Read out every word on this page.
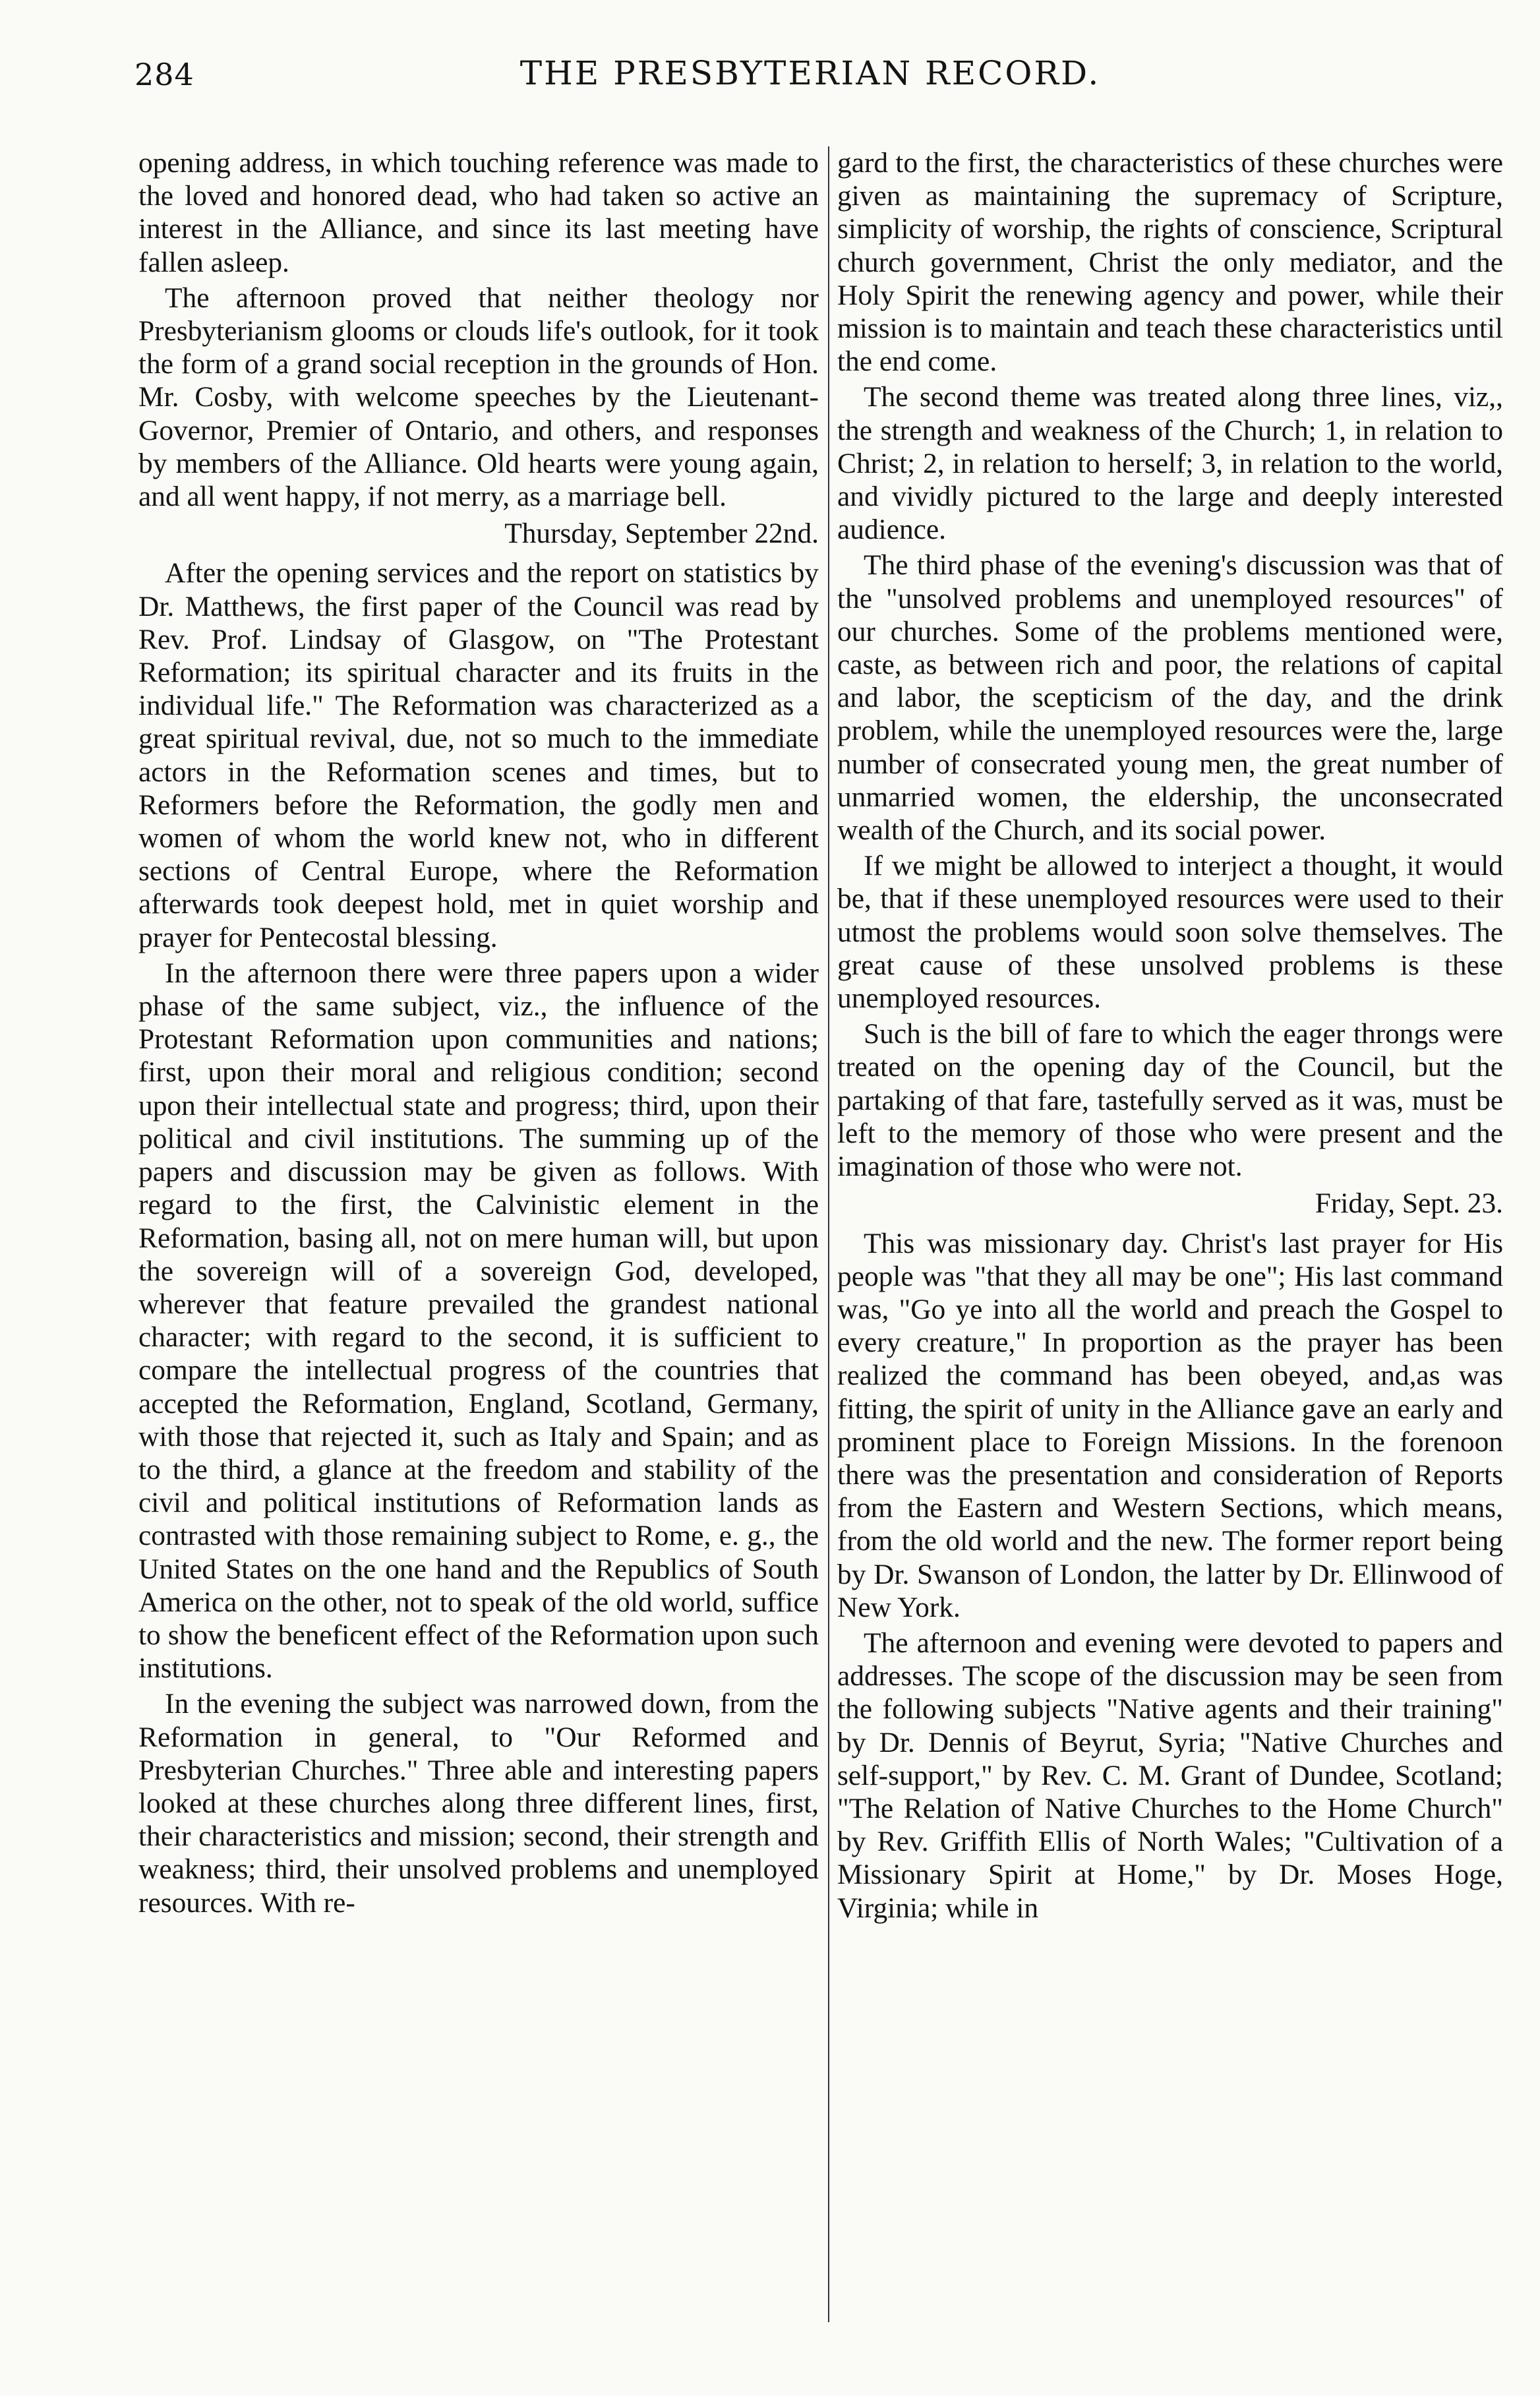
284	THE PRESBYTERIAN RECORD.

opening address, in which touching reference was made to the loved and honored dead, who had taken so active an interest in the Alliance, and since its last meeting have fallen asleep.

The afternoon proved that neither theology nor Presbyterianism glooms or clouds life's outlook, for it took the form of a grand social reception in the grounds of Hon. Mr. Cosby, with welcome speeches by the Lieutenant-Governor, Premier of Ontario, and others, and responses by members of the Alliance. Old hearts were young again, and all went happy, if not merry, as a marriage bell.

Thursday, September 22nd.

After the opening services and the report on statistics by Dr. Matthews, the first paper of the Council was read by Rev. Prof. Lindsay of Glasgow, on "The Protestant Reformation; its spiritual character and its fruits in the individual life." The Reformation was characterized as a great spiritual revival, due, not so much to the immediate actors in the Reformation scenes and times, but to Reformers before the Reformation, the godly men and women of whom the world knew not, who in different sections of Central Europe, where the Reformation afterwards took deepest hold, met in quiet worship and prayer for Pentecostal blessing.

In the afternoon there were three papers upon a wider phase of the same subject, viz., the influence of the Protestant Reformation upon communities and nations; first, upon their moral and religious condition; second upon their intellectual state and progress; third, upon their political and civil institutions. The summing up of the papers and discussion may be given as follows. With regard to the first, the Calvinistic element in the Reformation, basing all, not on mere human will, but upon the sovereign will of a sovereign God, developed, wherever that feature prevailed the grandest national character; with regard to the second, it is sufficient to compare the intellectual progress of the countries that accepted the Reformation, England, Scotland, Germany, with those that rejected it, such as Italy and Spain; and as to the third, a glance at the freedom and stability of the civil and political institutions of Reformation lands as contrasted with those remaining subject to Rome, e. g., the United States on the one hand and the Republics of South America on the other, not to speak of the old world, suffice to show the beneficent effect of the Reformation upon such institutions.

In the evening the subject was narrowed down, from the Reformation in general, to "Our Reformed and Presbyterian Churches." Three able and interesting papers looked at these churches along three different lines, first, their characteristics and mission; second, their strength and weakness; third, their unsolved problems and unemployed resources. With re-

gard to the first, the characteristics of these churches were given as maintaining the supremacy of Scripture, simplicity of worship, the rights of conscience, Scriptural church government, Christ the only mediator, and the Holy Spirit the renewing agency and power, while their mission is to maintain and teach these characteristics until the end come.

The second theme was treated along three lines, viz,, the strength and weakness of the Church; 1, in relation to Christ; 2, in relation to herself; 3, in relation to the world, and vividly pictured to the large and deeply interested audience.

The third phase of the evening's discussion was that of the "unsolved problems and unemployed resources" of our churches. Some of the problems mentioned were, caste, as between rich and poor, the relations of capital and labor, the scepticism of the day, and the drink problem, while the unemployed resources were the, large number of consecrated young men, the great number of unmarried women, the eldership, the unconsecrated wealth of the Church, and its social power.

If we might be allowed to interject a thought, it would be, that if these unemployed resources were used to their utmost the problems would soon solve themselves. The great cause of these unsolved problems is these unemployed resources.

Such is the bill of fare to which the eager throngs were treated on the opening day of the Council, but the partaking of that fare, tastefully served as it was, must be left to the memory of those who were present and the imagination of those who were not.

Friday, Sept. 23.

This was missionary day. Christ's last prayer for His people was "that they all may be one"; His last command was, "Go ye into all the world and preach the Gospel to every creature," In proportion as the prayer has been realized the command has been obeyed, and,as was fitting, the spirit of unity in the Alliance gave an early and prominent place to Foreign Missions. In the forenoon there was the presentation and consideration of Reports from the Eastern and Western Sections, which means, from the old world and the new. The former report being by Dr. Swanson of London, the latter by Dr. Ellinwood of New York.

The afternoon and evening were devoted to papers and addresses. The scope of the discussion may be seen from the following subjects "Native agents and their training" by Dr. Dennis of Beyrut, Syria; "Native Churches and self-support," by Rev. C. M. Grant of Dundee, Scotland; "The Relation of Native Churches to the Home Church" by Rev. Griffith Ellis of North Wales; "Cultivation of a Missionary Spirit at Home," by Dr. Moses Hoge, Virginia; while in
